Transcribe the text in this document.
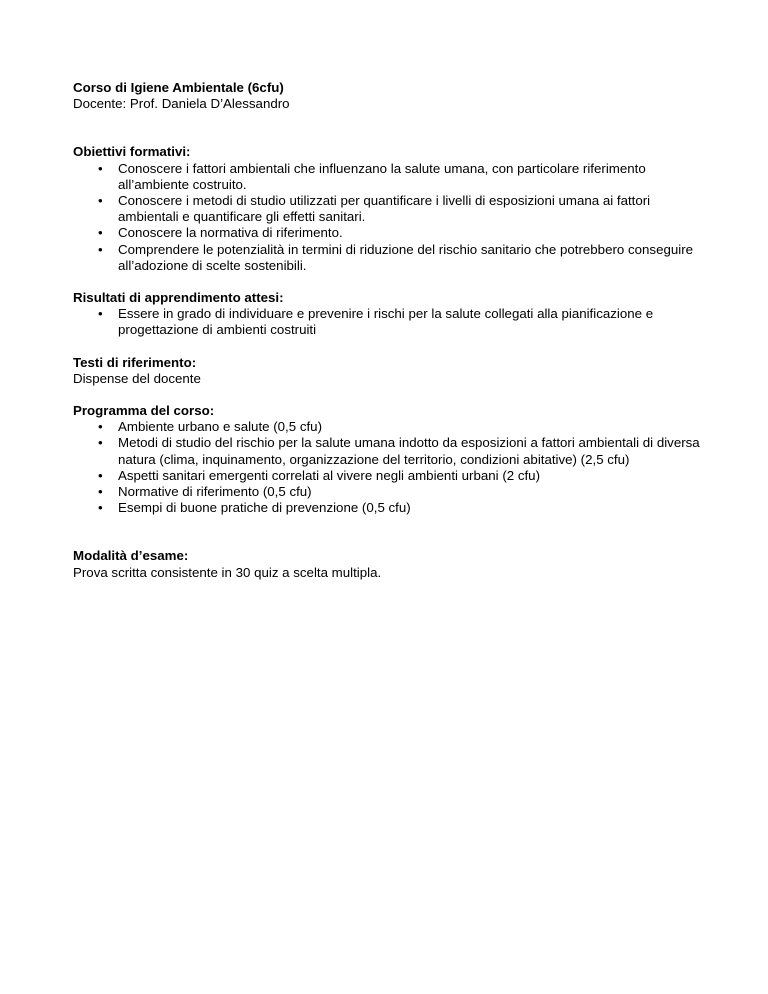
Corso di Igiene Ambientale (6cfu)

Docente: Prof. Daniela D’Alessandro

Obiettivi formativi:

• Conoscere i fattori ambientali che influenzano la salute umana, con particolare riferimento all’ambiente costruito.
• Conoscere i metodi di studio utilizzati per quantificare i livelli di esposizioni umana ai fattori ambientali e quantificare gli effetti sanitari.
• Conoscere la normativa di riferimento.
• Comprendere le potenzialità in termini di riduzione del rischio sanitario che potrebbero conseguire all’adozione di scelte sostenibili.

Risultati di apprendimento attesi:

• Essere in grado di individuare e prevenire i rischi per la salute collegati alla pianificazione e progettazione di ambienti costruiti

Testi di riferimento:

Dispense del docente

Programma del corso:

• Ambiente urbano e salute (0,5 cfu)
• Metodi di studio del rischio per la salute umana indotto da esposizioni a fattori ambientali di diversa natura (clima, inquinamento, organizzazione del territorio, condizioni abitative) (2,5 cfu)
• Aspetti sanitari emergenti correlati al vivere negli ambienti urbani (2 cfu)
• Normative di riferimento (0,5 cfu)
• Esempi di buone pratiche di prevenzione (0,5 cfu)

Modalità d’esame:

Prova scritta consistente in 30 quiz a scelta multipla.
